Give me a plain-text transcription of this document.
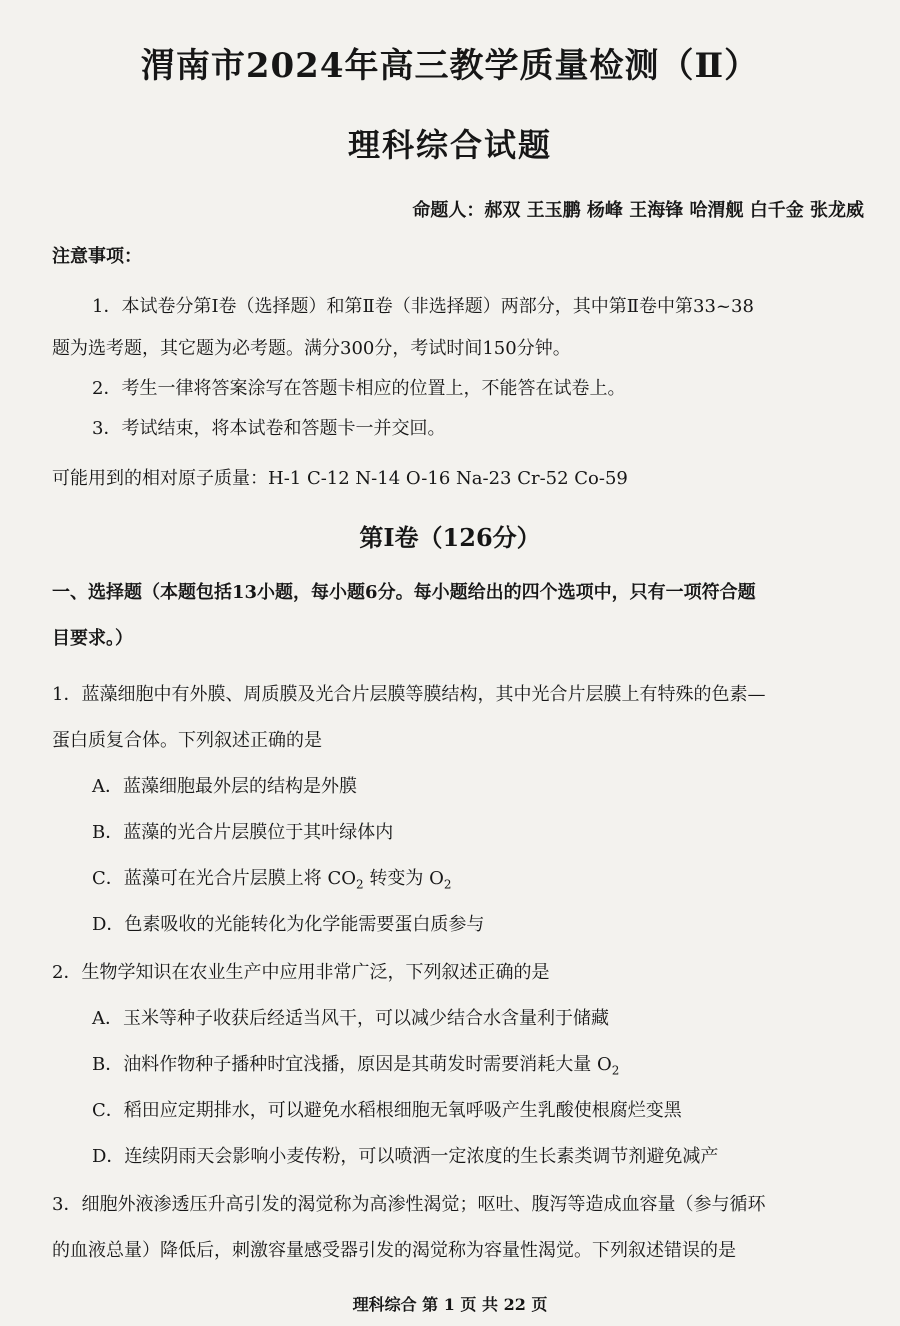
渭南市2024年高三教学质量检测（Ⅱ）
理科综合试题
命题人：郝双 王玉鹏 杨峰 王海锋 哈渭舰 白千金 张龙威
注意事项：
1．本试卷分第Ⅰ卷（选择题）和第Ⅱ卷（非选择题）两部分，其中第Ⅱ卷中第33~38
题为选考题，其它题为必考题。满分300分，考试时间150分钟。
2．考生一律将答案涂写在答题卡相应的位置上，不能答在试卷上。
3．考试结束，将本试卷和答题卡一并交回。
可能用到的相对原子质量：H-1 C-12 N-14 O-16 Na-23 Cr-52 Co-59
第Ⅰ卷（126分）
一、选择题（本题包括13小题，每小题6分。每小题给出的四个选项中，只有一项符合题
目要求。）
1．蓝藻细胞中有外膜、周质膜及光合片层膜等膜结构，其中光合片层膜上有特殊的色素—
蛋白质复合体。下列叙述正确的是
A．蓝藻细胞最外层的结构是外膜
B．蓝藻的光合片层膜位于其叶绿体内
C．蓝藻可在光合片层膜上将 $CO_2$ 转变为 $O_2$
D．色素吸收的光能转化为化学能需要蛋白质参与
2．生物学知识在农业生产中应用非常广泛，下列叙述正确的是
A．玉米等种子收获后经适当风干，可以减少结合水含量利于储藏
B．油料作物种子播种时宜浅播，原因是其萌发时需要消耗大量 $O_2$
C．稻田应定期排水，可以避免水稻根细胞无氧呼吸产生乳酸使根腐烂变黑
D．连续阴雨天会影响小麦传粉，可以喷洒一定浓度的生长素类调节剂避免减产
3．细胞外液渗透压升高引发的渴觉称为高渗性渴觉；呕吐、腹泻等造成血容量（参与循环
的血液总量）降低后，刺激容量感受器引发的渴觉称为容量性渴觉。下列叙述错误的是
理科综合 第 1 页 共 22 页
